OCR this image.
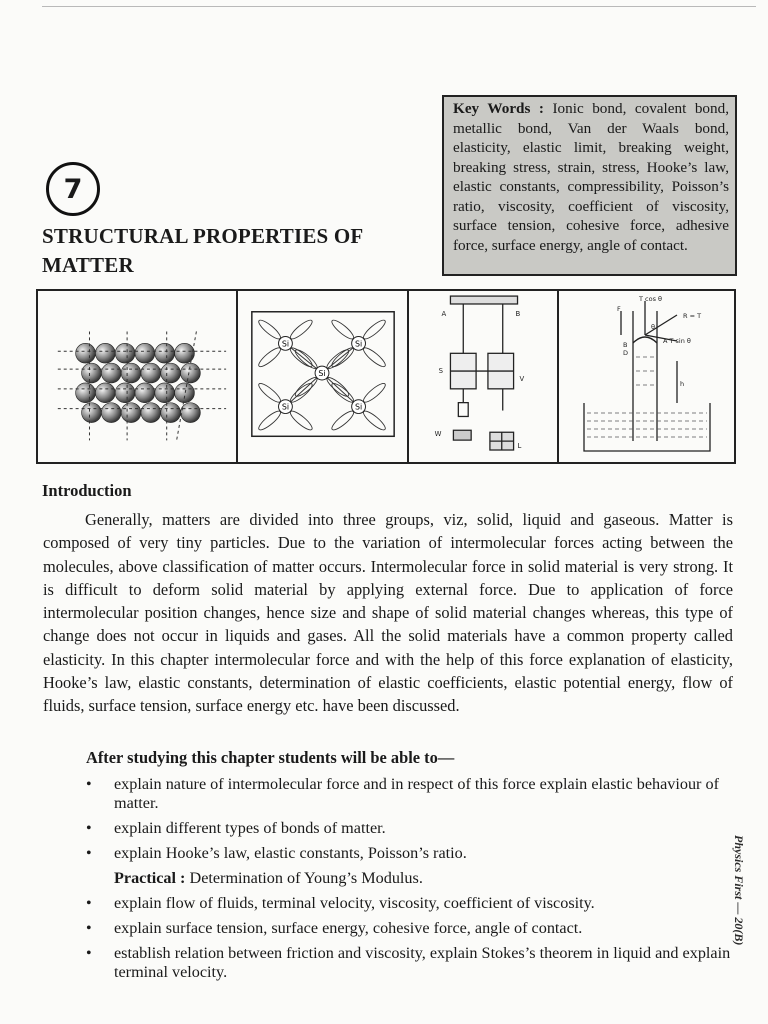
7
STRUCTURAL PROPERTIES OF MATTER
Key Words : Ionic bond, covalent bond, metallic bond, Van der Waals bond, elasticity, elastic limit, breaking weight, breaking stress, strain, stress, Hooke’s law, elastic constants, compressibility, Poisson’s ratio, viscosity, coefficient of viscosity, surface tension, cohesive force, adhesive force, surface energy, angle of contact.
Si	Si
Si
Si	Si
A	B
S
V
W
L
T cos θ
R = T
A T sin θ
F
B
D
h
θ
Introduction

Generally, matters are divided into three groups, viz, solid, liquid and gaseous. Matter is composed of very tiny particles. Due to the variation of intermolecular forces acting between the molecules, above classification of matter occurs. Intermolecular force in solid material is very strong. It is difficult to deform solid material by applying external force. Due to application of force intermolecular position changes, hence size and shape of solid material changes whereas, this type of change does not occur in liquids and gases. All the solid materials have a common property called elasticity. In this chapter intermolecular force and with the help of this force explanation of elasticity, Hooke’s law, elastic constants, determination of elastic coefficients, elastic potential energy, flow of fluids, surface tension, surface energy etc. have been discussed.

After studying this chapter students will be able to—
• explain nature of intermolecular force and in respect of this force explain elastic behaviour of matter.
• explain different types of bonds of matter.
• explain Hooke’s law, elastic constants, Poisson’s ratio.
Practical : Determination of Young’s Modulus.
• explain flow of fluids, terminal velocity, viscosity, coefficient of viscosity.
• explain surface tension, surface energy, cohesive force, angle of contact.
• establish relation between friction and viscosity, explain Stokes’s theorem in liquid and explain terminal velocity.
Physics First — 20(B)
